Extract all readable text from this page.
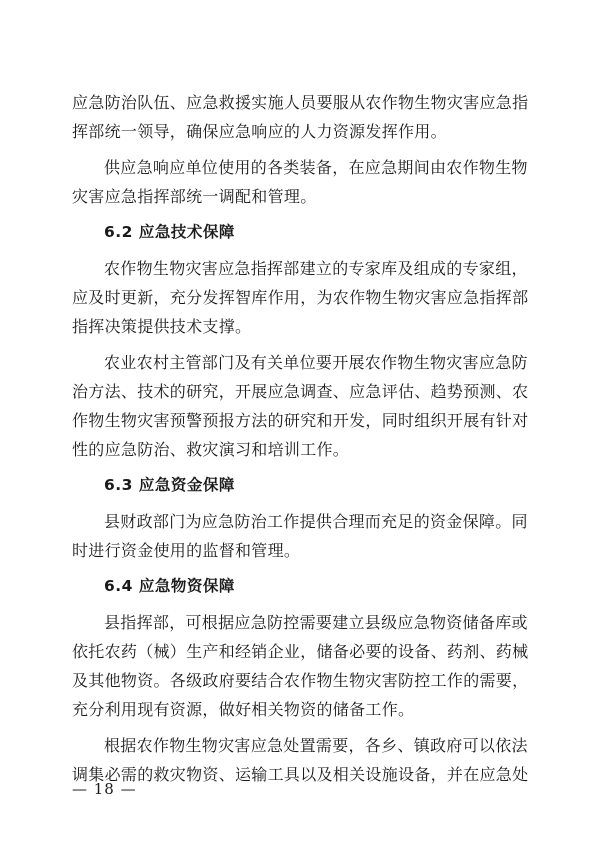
应急防治队伍、应急救援实施人员要服从农作物生物灾害应急指
挥部统一领导，确保应急响应的人力资源发挥作用。

供应急响应单位使用的各类装备，在应急期间由农作物生物
灾害应急指挥部统一调配和管理。

6.2 应急技术保障

农作物生物灾害应急指挥部建立的专家库及组成的专家组，
应及时更新，充分发挥智库作用，为农作物生物灾害应急指挥部
指挥决策提供技术支撑。

农业农村主管部门及有关单位要开展农作物生物灾害应急防
治方法、技术的研究，开展应急调查、应急评估、趋势预测、农
作物生物灾害预警预报方法的研究和开发，同时组织开展有针对
性的应急防治、救灾演习和培训工作。

6.3 应急资金保障

县财政部门为应急防治工作提供合理而充足的资金保障。同
时进行资金使用的监督和管理。

6.4 应急物资保障

县指挥部，可根据应急防控需要建立县级应急物资储备库或
依托农药（械）生产和经销企业，储备必要的设备、药剂、药械
及其他物资。各级政府要结合农作物生物灾害防控工作的需要，
充分利用现有资源，做好相关物资的储备工作。

根据农作物生物灾害应急处置需要，各乡、镇政府可以依法
调集必需的救灾物资、运输工具以及相关设施设备，并在应急处

— 18 —
